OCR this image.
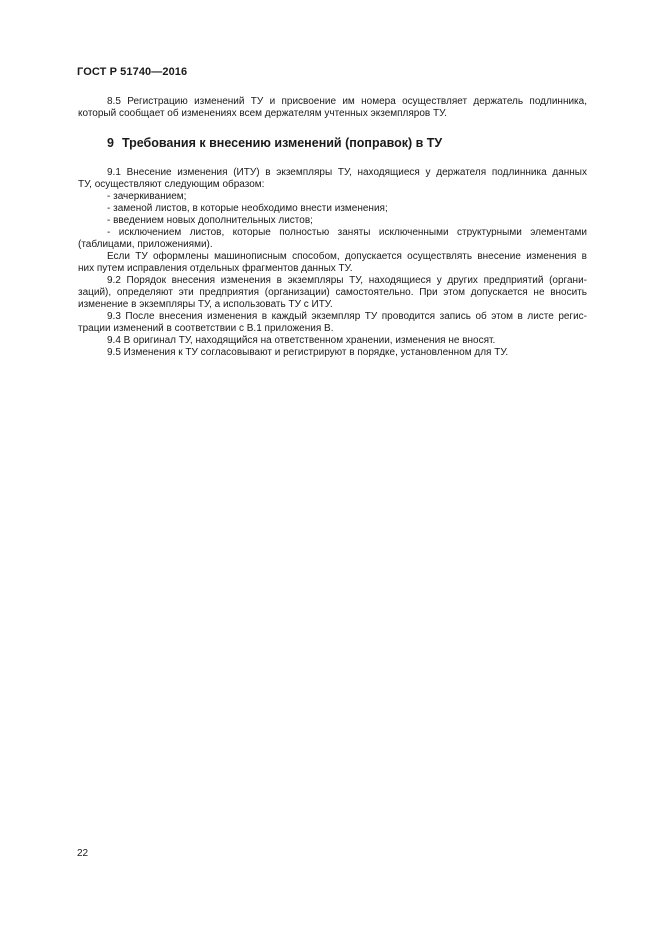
ГОСТ Р 51740—2016

8.5 Регистрацию изменений ТУ и присвоение им номера осуществляет держатель подлинника,

который сообщает об изменениях всем держателям учтенных экземпляров ТУ.

9 Требования к внесению изменений (поправок) в ТУ

9.1 Внесение изменения (ИТУ) в экземпляры ТУ, находящиеся у держателя подлинника данных

ТУ, осуществляют следующим образом:

- зачеркиванием;

- заменой листов, в которые необходимо внести изменения;

- введением новых дополнительных листов;

- исключением листов, которые полностью заняты исключенными структурными элементами

(таблицами, приложениями).

Если ТУ оформлены машинописным способом, допускается осуществлять внесение изменения в

них путем исправления отдельных фрагментов данных ТУ.

9.2 Порядок внесения изменения в экземпляры ТУ, находящиеся у других предприятий (органи-

заций), определяют эти предприятия (организации) самостоятельно. При этом допускается не вносить

изменение в экземпляры ТУ, а использовать ТУ с ИТУ.

9.3 После внесения изменения в каждый экземпляр ТУ проводится запись об этом в листе регис-

трации изменений в соответствии с В.1 приложения В.

9.4 В оригинал ТУ, находящийся на ответственном хранении, изменения не вносят.

9.5 Изменения к ТУ согласовывают и регистрируют в порядке, установленном для ТУ.

22
